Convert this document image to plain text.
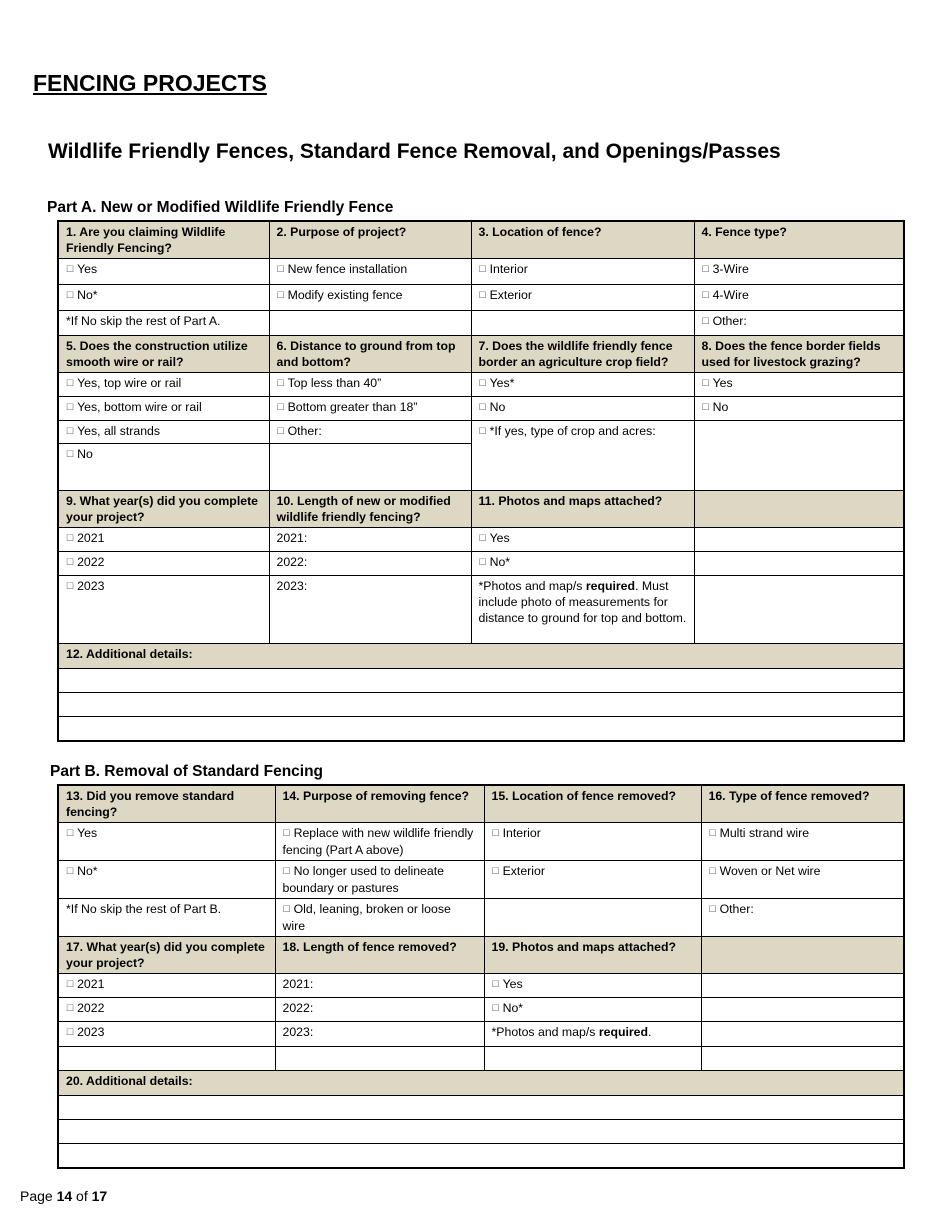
FENCING PROJECTS
Wildlife Friendly Fences, Standard Fence Removal, and Openings/Passes
Part A. New or Modified Wildlife Friendly Fence
1. Are you claiming Wildlife Friendly Fencing?	2. Purpose of project?	3. Location of fence?	4. Fence type?
☐ Yes	☐ New fence installation	☐ Interior	☐ 3-Wire
☐ No*	☐ Modify existing fence	☐ Exterior	☐ 4-Wire
*If No skip the rest of Part A.			☐ Other:
5. Does the construction utilize smooth wire or rail?	6. Distance to ground from top and bottom?	7. Does the wildlife friendly fence border an agriculture crop field?	8. Does the fence border fields used for livestock grazing?
☐ Yes, top wire or rail	☐ Top less than 40”	☐ Yes*	☐ Yes
☐ Yes, bottom wire or rail	☐ Bottom greater than 18”	☐ No	☐ No
☐ Yes, all strands	☐ Other:	☐ *If yes, type of crop and acres:	
☐ No			
9. What year(s) did you complete your project?	10. Length of new or modified wildlife friendly fencing?	11. Photos and maps attached?	
☐ 2021	2021:	☐ Yes	
☐ 2022	2022:	☐ No*	
☐ 2023	2023:	*Photos and map/s required. Must include photo of measurements for distance to ground for top and bottom.	
12. Additional details:			

Part B. Removal of Standard Fencing
13. Did you remove standard fencing?	14. Purpose of removing fence?	15. Location of fence removed?	16. Type of fence removed?
☐ Yes	☐ Replace with new wildlife friendly fencing (Part A above)	☐ Interior	☐ Multi strand wire
☐ No*	☐ No longer used to delineate boundary or pastures	☐ Exterior	☐ Woven or Net wire
*If No skip the rest of Part B.	☐ Old, leaning, broken or loose wire		☐ Other:
17. What year(s) did you complete your project?	18. Length of fence removed?	19. Photos and maps attached?	
☐ 2021	2021:	☐ Yes	
☐ 2022	2022:	☐ No*	
☐ 2023	2023:	*Photos and map/s required.	

20. Additional details:			

Page 14 of 17
